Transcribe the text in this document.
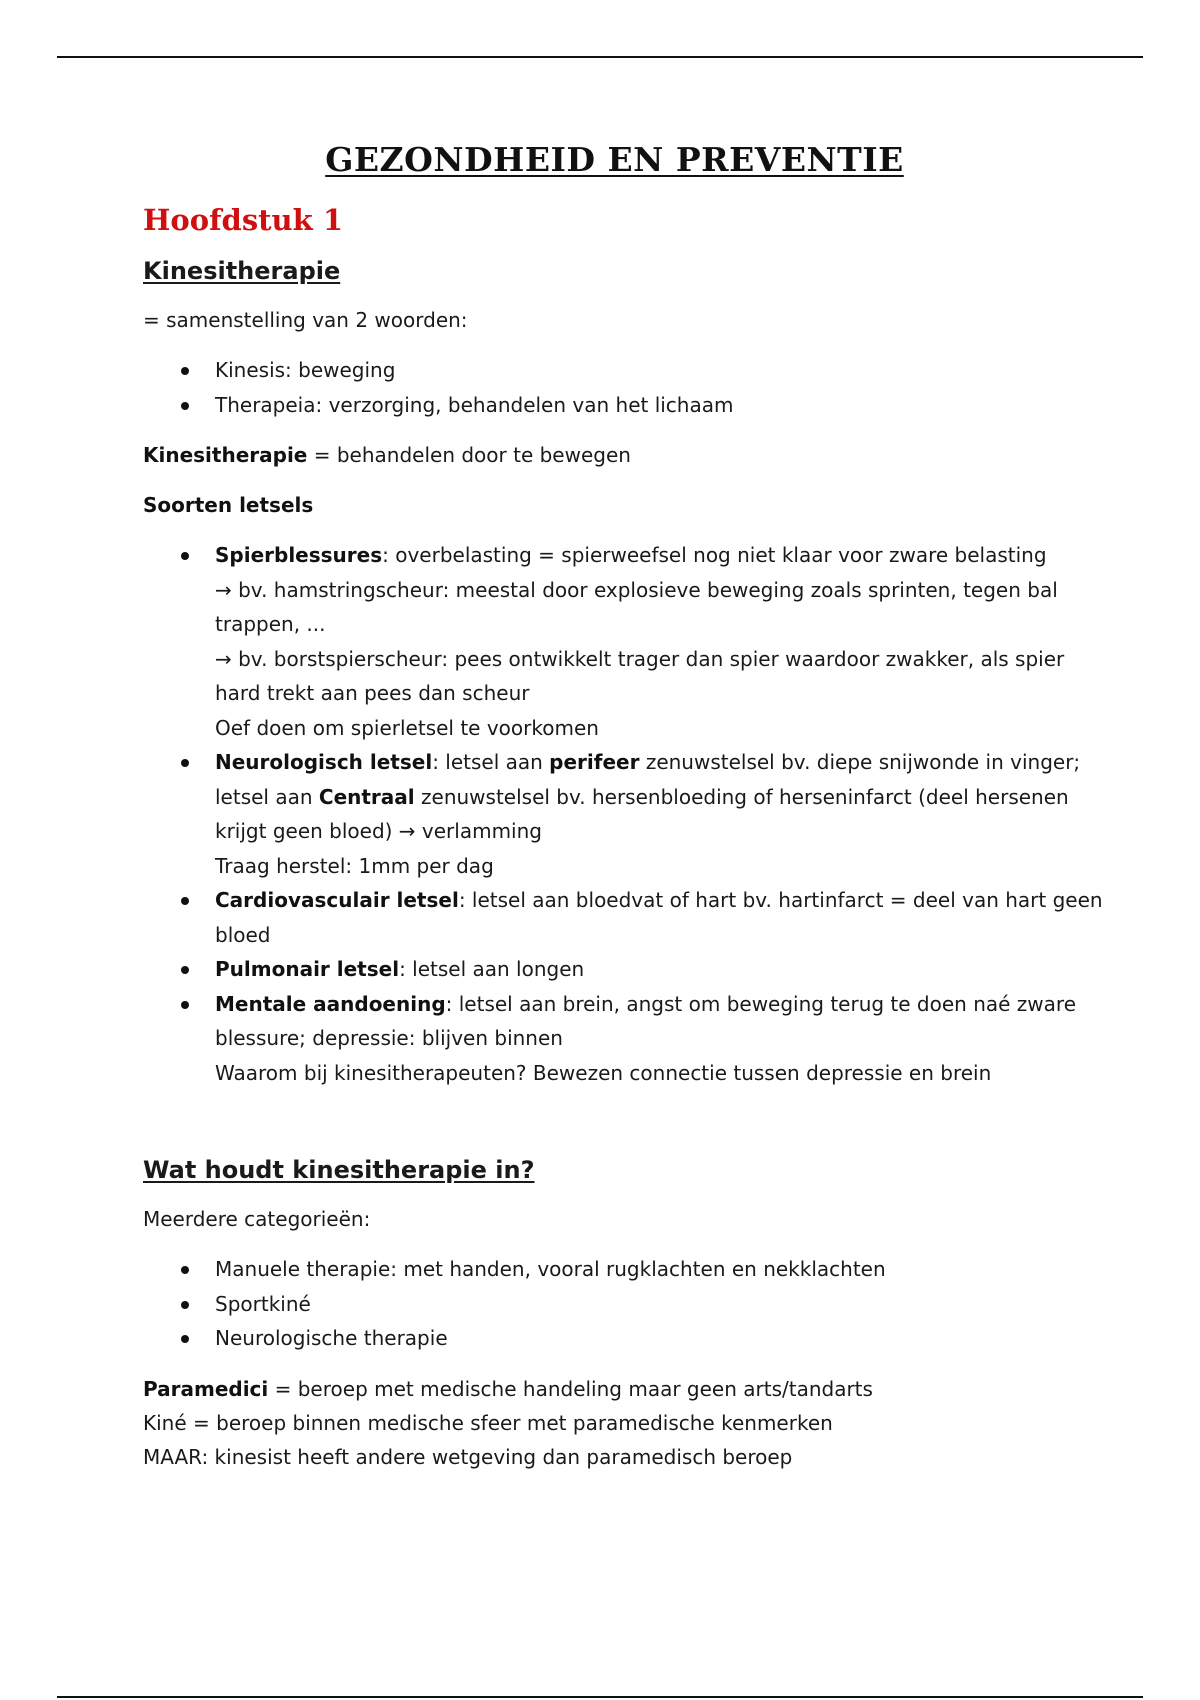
GEZONDHEID EN PREVENTIE
Hoofdstuk 1
Kinesitherapie

= samenstelling van 2 woorden:

Kinesis: beweging
Therapeia: verzorging, behandelen van het lichaam

Kinesitherapie = behandelen door te bewegen

Soorten letsels

Spierblessures: overbelasting = spierweefsel nog niet klaar voor zware belasting
→ bv. hamstringscheur: meestal door explosieve beweging zoals sprinten, tegen bal trappen, ...
→ bv. borstspierscheur: pees ontwikkelt trager dan spier waardoor zwakker, als spier hard trekt aan pees dan scheur
Oef doen om spierletsel te voorkomen
Neurologisch letsel: letsel aan perifeer zenuwstelsel bv. diepe snijwonde in vinger; letsel aan Centraal zenuwstelsel bv. hersenbloeding of herseninfarct (deel hersenen krijgt geen bloed) → verlamming
Traag herstel: 1mm per dag
Cardiovasculair letsel: letsel aan bloedvat of hart bv. hartinfarct = deel van hart geen bloed
Pulmonair letsel: letsel aan longen
Mentale aandoening: letsel aan brein, angst om beweging terug te doen naé zware blessure; depressie: blijven binnen
Waarom bij kinesitherapeuten? Bewezen connectie tussen depressie en brein
Wat houdt kinesitherapie in?

Meerdere categorieën:

Manuele therapie: met handen, vooral rugklachten en nekklachten
Sportkiné
Neurologische therapie

Paramedici = beroep met medische handeling maar geen arts/tandarts

Kiné = beroep binnen medische sfeer met paramedische kenmerken

MAAR: kinesist heeft andere wetgeving dan paramedisch beroep
